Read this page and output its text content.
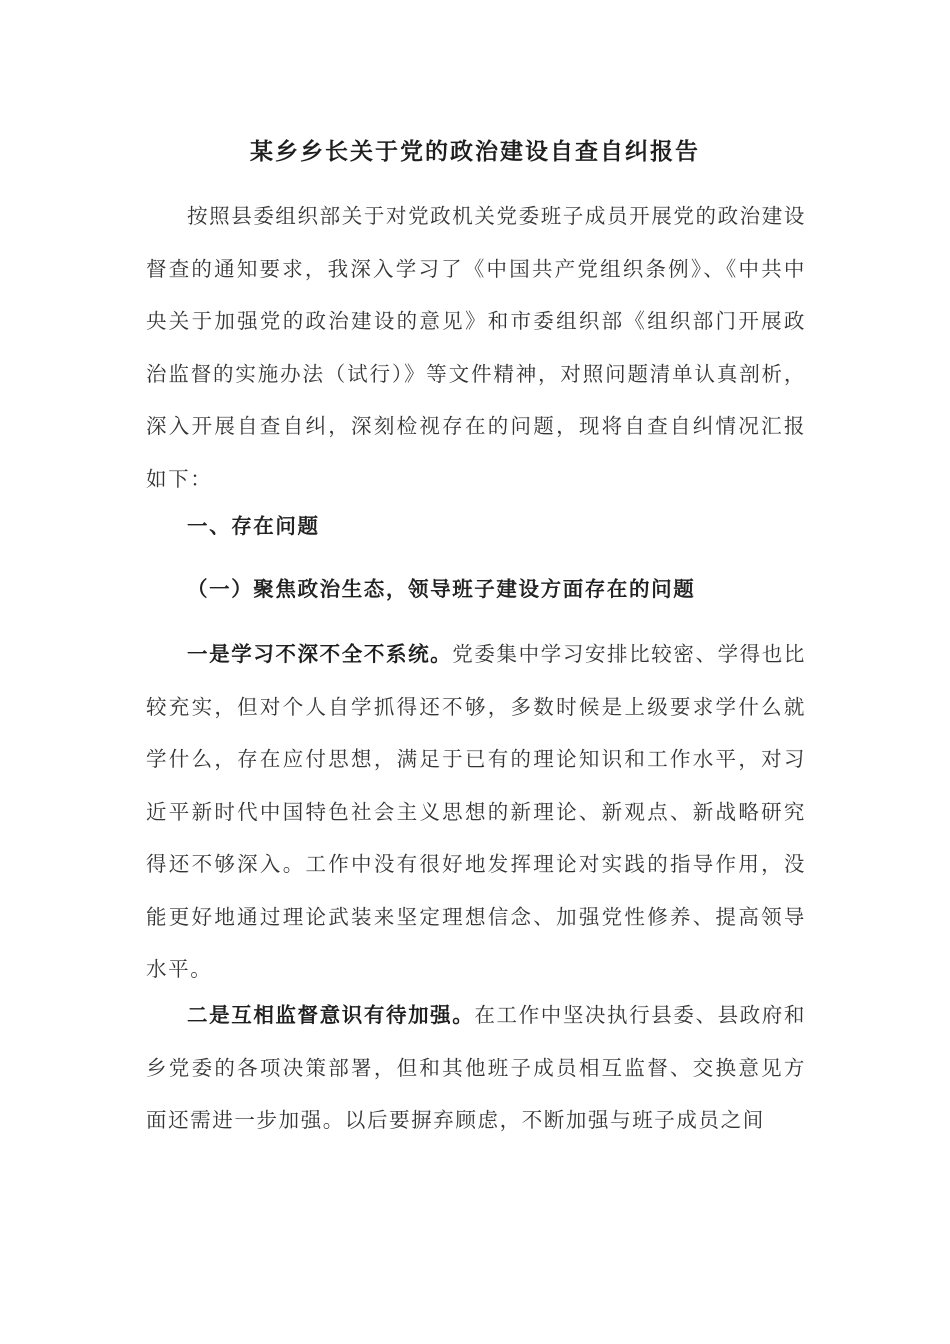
某乡乡长关于党的政治建设自查自纠报告

按照县委组织部关于对党政机关党委班子成员开展党的政治建设督查的通知要求，我深入学习了《中国共产党组织条例》、《中共中央关于加强党的政治建设的意见》和市委组织部《组织部门开展政治监督的实施办法（试行）》等文件精神，对照问题清单认真剖析，深入开展自查自纠，深刻检视存在的问题，现将自查自纠情况汇报如下：

一、存在问题
（一）聚焦政治生态，领导班子建设方面存在的问题

一是学习不深不全不系统。党委集中学习安排比较密、学得也比较充实，但对个人自学抓得还不够，多数时候是上级要求学什么就学什么，存在应付思想，满足于已有的理论知识和工作水平，对习近平新时代中国特色社会主义思想的新理论、新观点、新战略研究得还不够深入。工作中没有很好地发挥理论对实践的指导作用，没能更好地通过理论武装来坚定理想信念、加强党性修养、提高领导水平。

二是互相监督意识有待加强。在工作中坚决执行县委、县政府和乡党委的各项决策部署，但和其他班子成员相互监督、交换意见方面还需进一步加强。以后要摒弃顾虑，不断加强与班子成员之间
